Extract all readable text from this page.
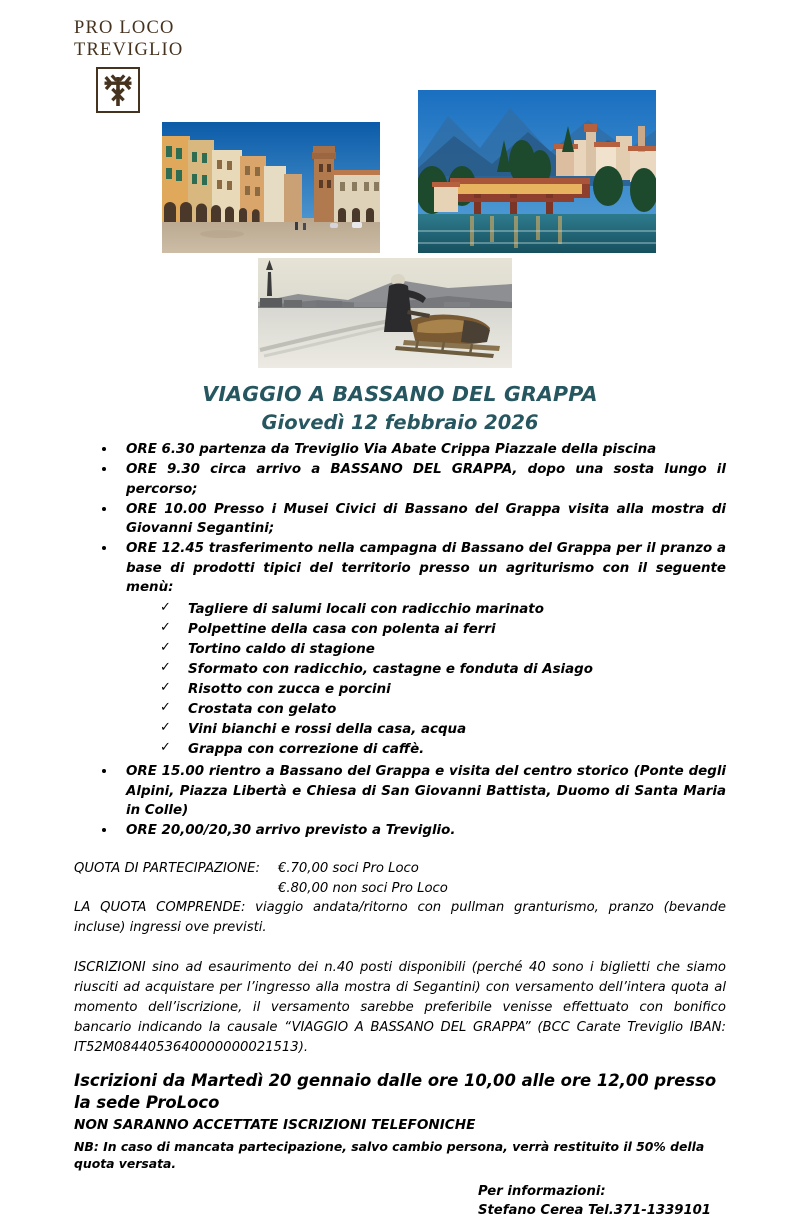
PRO LOCO
TREVIGLIO
VIAGGIO A BASSANO DEL GRAPPA
Giovedì 12 febbraio 2026
ORE 6.30 partenza da Treviglio Via Abate Crippa Piazzale della piscina
ORE 9.30 circa arrivo a BASSANO DEL GRAPPA, dopo una sosta lungo il percorso;
ORE 10.00 Presso i Musei Civici di Bassano del Grappa visita alla mostra di Giovanni Segantini;
ORE 12.45 trasferimento nella campagna di Bassano del Grappa per il pranzo a base di prodotti tipici del territorio presso un agriturismo con il seguente menù:
✓ Tagliere di salumi locali con radicchio marinato
✓ Polpettine della casa con polenta ai ferri
✓ Tortino caldo di stagione
✓ Sformato con radicchio, castagne e fonduta di Asiago
✓ Risotto con zucca e porcini
✓ Crostata con gelato
✓ Vini bianchi e rossi della casa, acqua
✓ Grappa con correzione di caffè.
ORE 15.00 rientro a Bassano del Grappa e visita del centro storico (Ponte degli Alpini, Piazza Libertà e Chiesa di San Giovanni Battista, Duomo di Santa Maria in Colle)
ORE 20,00/20,30 arrivo previsto a Treviglio.
QUOTA DI PARTECIPAZIONE: €.70,00 soci Pro Loco
€.80,00 non soci Pro Loco
LA QUOTA COMPRENDE: viaggio andata/ritorno con pullman granturismo, pranzo (bevande incluse) ingressi ove previsti.
ISCRIZIONI sino ad esaurimento dei n.40 posti disponibili (perché 40 sono i biglietti che siamo riusciti ad acquistare per l’ingresso alla mostra di Segantini) con versamento dell’intera quota al momento dell’iscrizione, il versamento sarebbe preferibile venisse effettuato con bonifico bancario indicando la causale “VIAGGIO A BASSANO DEL GRAPPA” (BCC Carate Treviglio IBAN: IT52M0844053640000000021513).
Iscrizioni da Martedì 20 gennaio dalle ore 10,00 alle ore 12,00 presso la sede ProLoco
NON SARANNO ACCETTATE ISCRIZIONI TELEFONICHE
NB: In caso di mancata partecipazione, salvo cambio persona, verrà restituito il 50% della quota versata.
Per informazioni:
Stefano Cerea Tel.371-1339101
